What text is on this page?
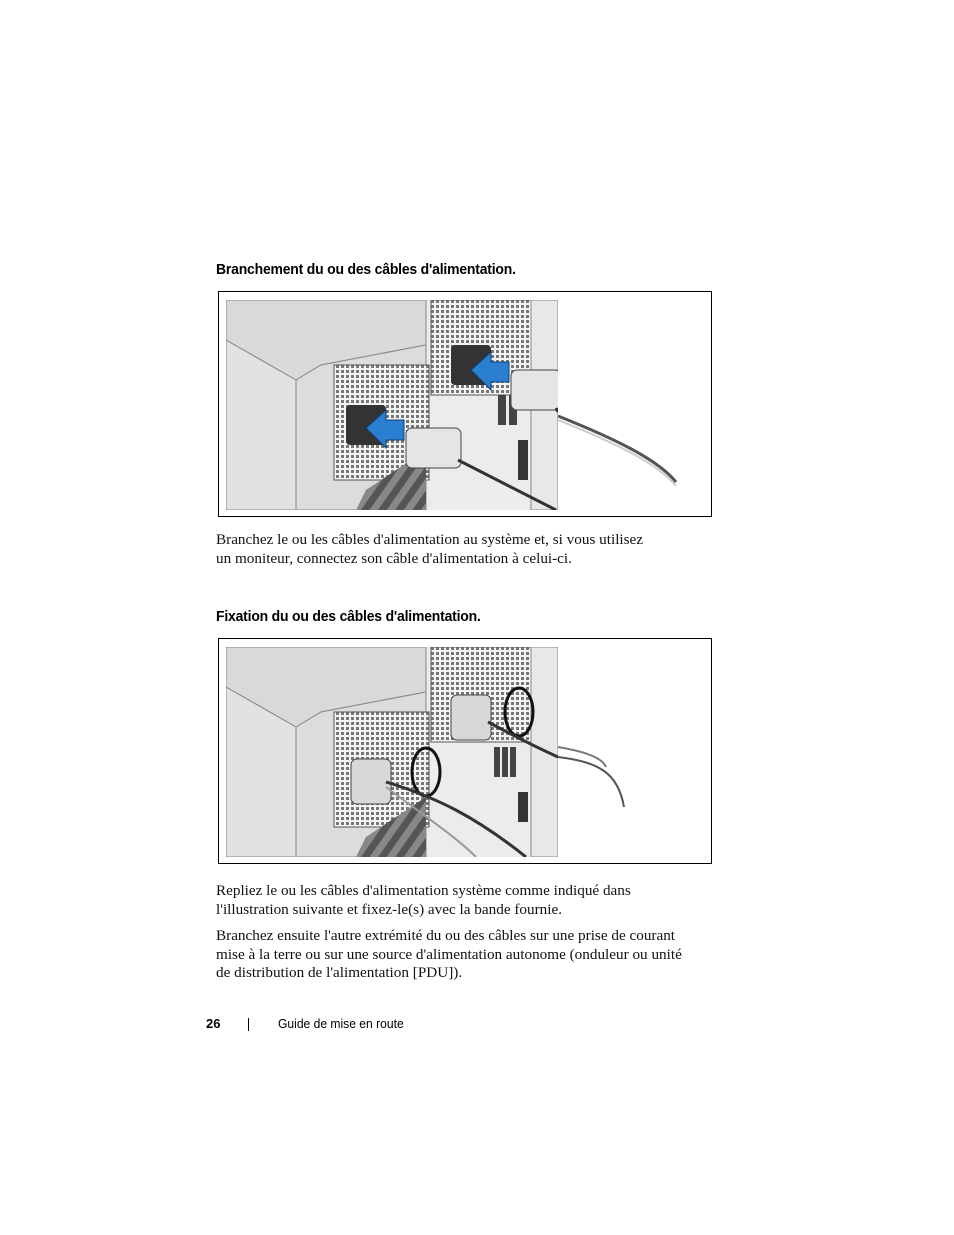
Branchement du ou des câbles d'alimentation.

Branchez le ou les câbles d'alimentation au système et, si vous utilisez
un moniteur, connectez son câble d'alimentation à celui-ci.

Fixation du ou des câbles d'alimentation.
Repliez le ou les câbles d'alimentation système comme indiqué dans
l'illustration suivante et fixez-le(s) avec la bande fournie.
Branchez ensuite l'autre extrémité du ou des câbles sur une prise de courant
mise à la terre ou sur une source d'alimentation autonome (onduleur ou unité
de distribution de l'alimentation [PDU]).
26	Guide de mise en route
